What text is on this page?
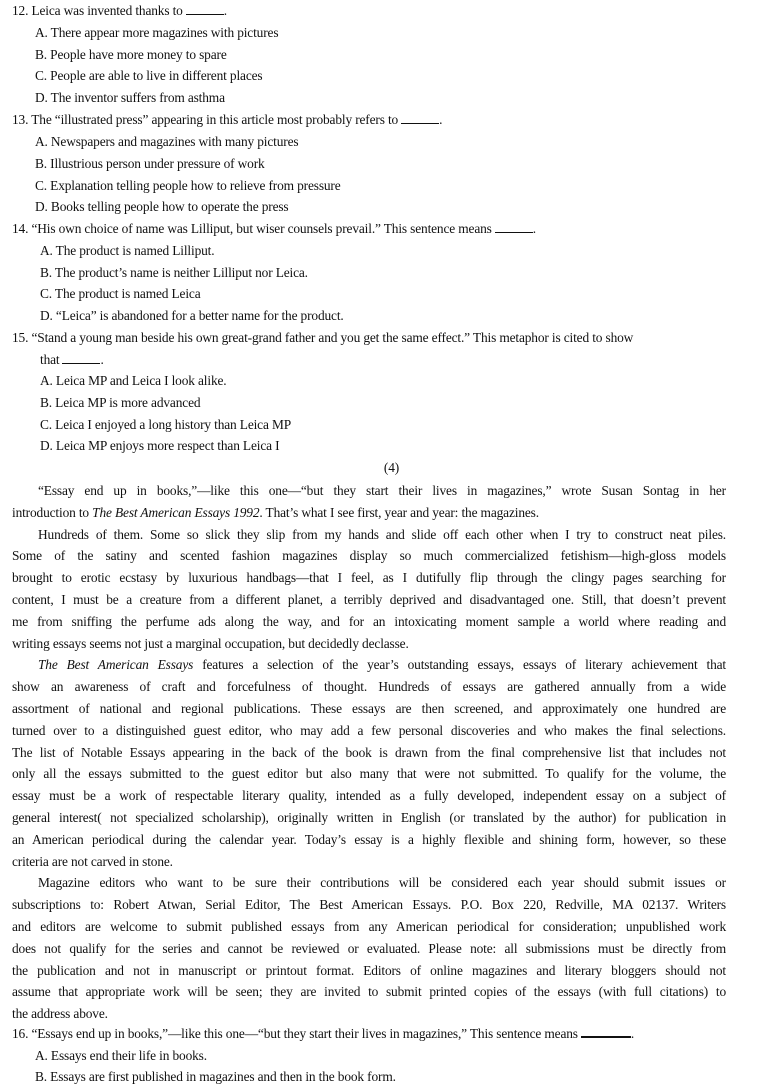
12. Leica was invented thanks to	.
A. There appear more magazines with pictures
B. People have more money to spare
C. People are able to live in different places
D. The inventor suffers from asthma
13. The “illustrated press” appearing in this article most probably refers to	.
A. Newspapers and magazines with many pictures
B. Illustrious person under pressure of work
C. Explanation telling people how to relieve from pressure
D. Books telling people how to operate the press
14. “His own choice of name was Lilliput, but wiser counsels prevail.” This sentence means	.
A. The product is named Lilliput.
B. The product’s name is neither Lilliput nor Leica.
C. The product is named Leica
D. “Leica” is abandoned for a better name for the product.
15. “Stand a young man beside his own great-grand father and you get the same effect.” This metaphor is cited to show
that	.
A. Leica MP and Leica I look alike.
B. Leica MP is more advanced
C. Leica I enjoyed a long history than Leica MP
D. Leica MP enjoys more respect than Leica I
(4)
“Essay end up in books,”—like this one—“but they start their lives in magazines,” wrote Susan Sontag in her
introduction to The Best American Essays 1992. That’s what I see first, year and year: the magazines.
Hundreds of them. Some so slick they slip from my hands and slide off each other when I try to construct neat piles.
Some of the satiny and scented fashion magazines display so much commercialized fetishism—high-gloss models
brought to erotic ecstasy by luxurious handbags—that I feel, as I dutifully flip through the clingy pages searching for
content, I must be a creature from a different planet, a terribly deprived and disadvantaged one. Still, that doesn’t prevent
me from sniffing the perfume ads along the way, and for an intoxicating moment sample a world where reading and
writing essays seems not just a marginal occupation, but decidedly declasse.
The Best American Essays features a selection of the year’s outstanding essays, essays of literary achievement that
show an awareness of craft and forcefulness of thought. Hundreds of essays are gathered annually from a wide
assortment of national and regional publications. These essays are then screened, and approximately one hundred are
turned over to a distinguished guest editor, who may add a few personal discoveries and who makes the final selections.
The list of Notable Essays appearing in the back of the book is drawn from the final comprehensive list that includes not
only all the essays submitted to the guest editor but also many that were not submitted. To qualify for the volume, the
essay must be a work of respectable literary quality, intended as a fully developed, independent essay on a subject of
general interest( not specialized scholarship), originally written in English (or translated by the author) for publication in
an American periodical during the calendar year. Today’s essay is a highly flexible and shining form, however, so these
criteria are not carved in stone.
Magazine editors who want to be sure their contributions will be considered each year should submit issues or
subscriptions to: Robert Atwan, Serial Editor, The Best American Essays. P.O. Box 220, Redville, MA 02137. Writers
and editors are welcome to submit published essays from any American periodical for consideration; unpublished work
does not qualify for the series and cannot be reviewed or evaluated. Please note: all submissions must be directly from
the publication and not in manuscript or printout format. Editors of online magazines and literary bloggers should not
assume that appropriate work will be seen; they are invited to submit printed copies of the essays (with full citations) to
the address above.
16. “Essays end up in books,”—like this one—“but they start their lives in magazines,” This sentence means	.
A. Essays end their life in books.
B. Essays are first published in magazines and then in the book form.
